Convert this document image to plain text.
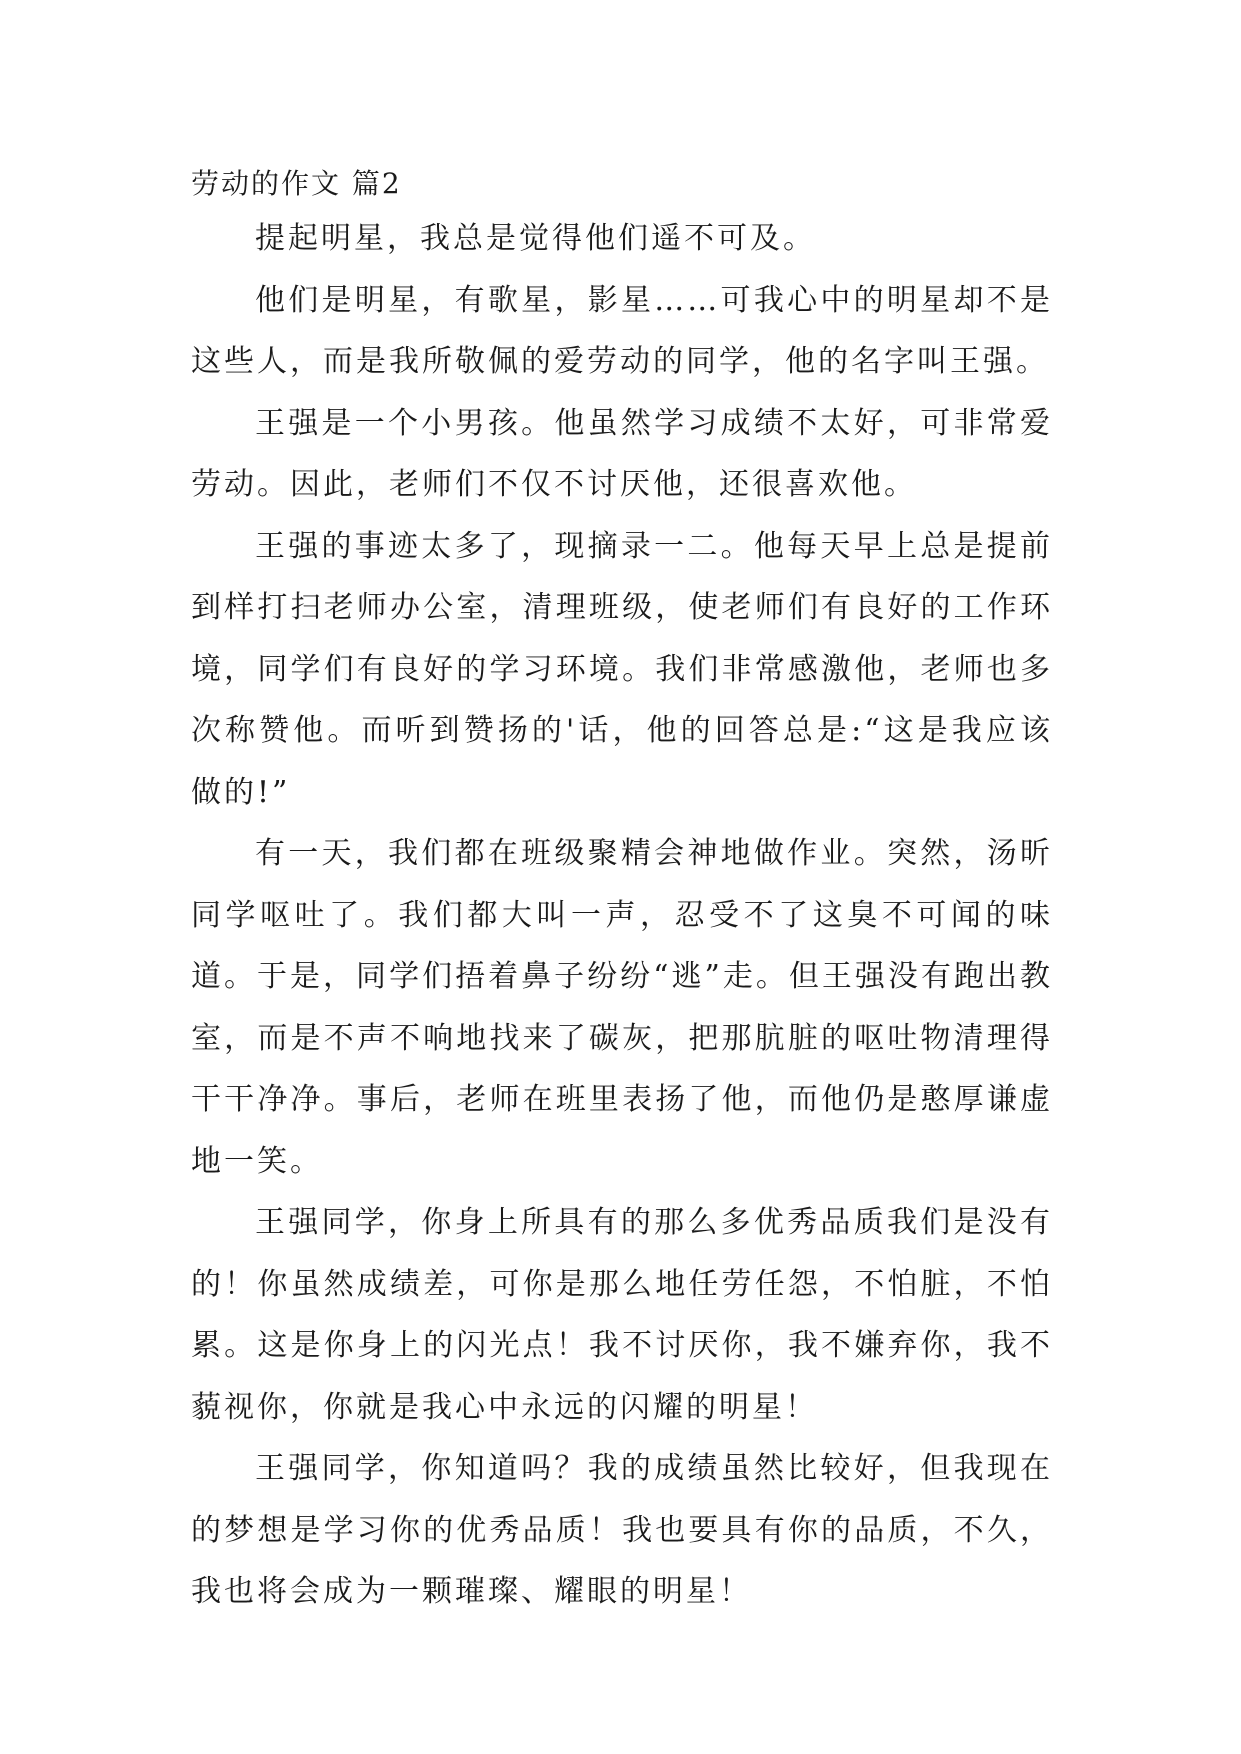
劳动的作文 篇2

提起明星，我总是觉得他们遥不可及。

他们是明星，有歌星，影星……可我心中的明星却不是这些人，而是我所敬佩的爱劳动的同学，他的名字叫王强。

王强是一个小男孩。他虽然学习成绩不太好，可非常爱劳动。因此，老师们不仅不讨厌他，还很喜欢他。

王强的事迹太多了，现摘录一二。他每天早上总是提前到样打扫老师办公室，清理班级，使老师们有良好的工作环境，同学们有良好的学习环境。我们非常感激他，老师也多次称赞他。而听到赞扬的'话，他的回答总是:“这是我应该做的!”

有一天，我们都在班级聚精会神地做作业。突然，汤昕同学呕吐了。我们都大叫一声，忍受不了这臭不可闻的味道。于是，同学们捂着鼻子纷纷“逃”走。但王强没有跑出教室，而是不声不响地找来了碳灰，把那肮脏的呕吐物清理得干干净净。事后，老师在班里表扬了他，而他仍是憨厚谦虚地一笑。

王强同学，你身上所具有的那么多优秀品质我们是没有的！你虽然成绩差，可你是那么地任劳任怨，不怕脏，不怕累。这是你身上的闪光点！我不讨厌你，我不嫌弃你，我不藐视你，你就是我心中永远的闪耀的明星！

王强同学，你知道吗？我的成绩虽然比较好，但我现在的梦想是学习你的优秀品质！我也要具有你的品质，不久，我也将会成为一颗璀璨、耀眼的明星！
